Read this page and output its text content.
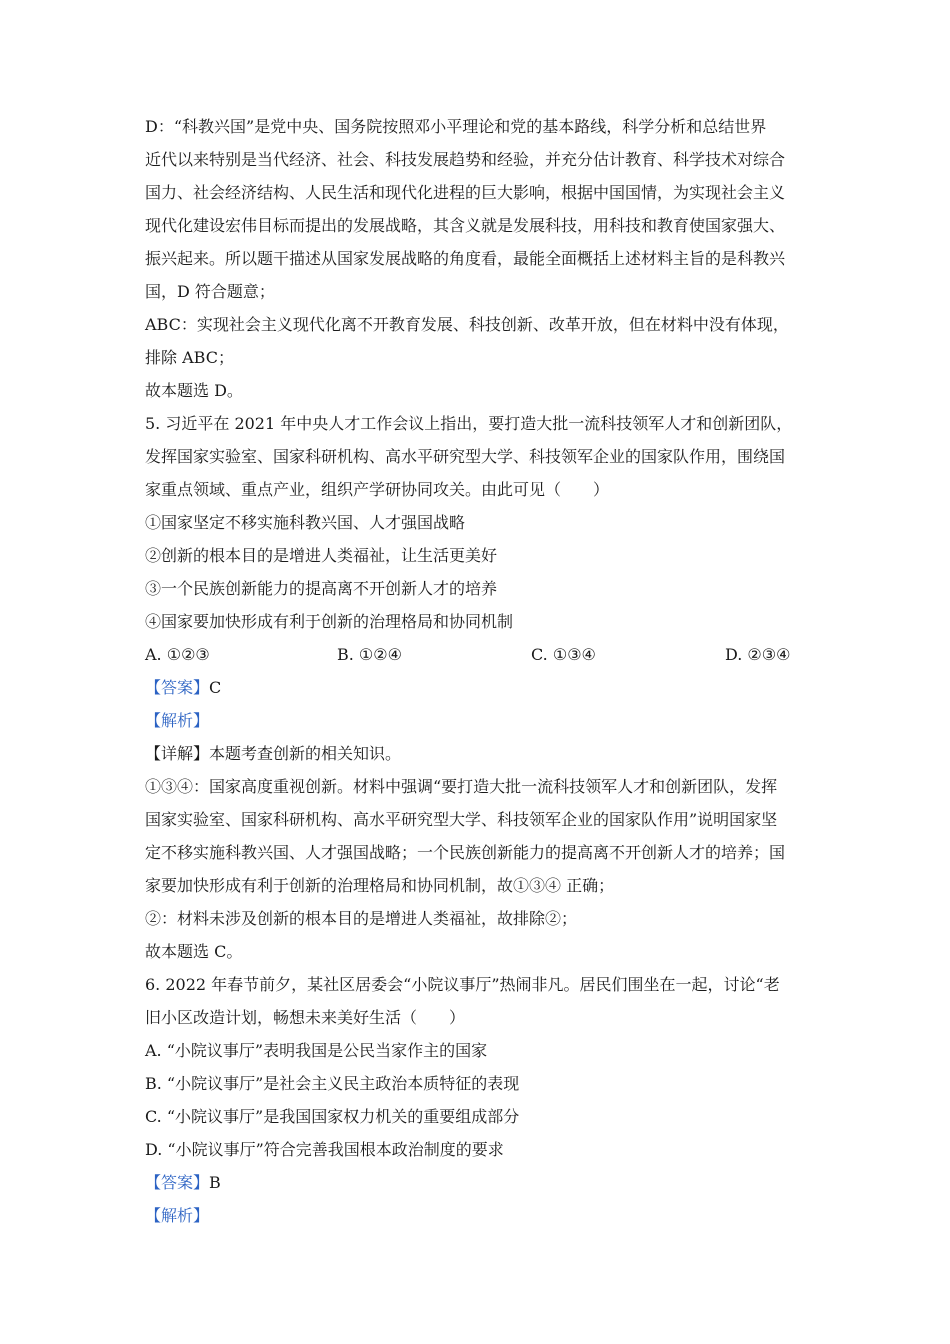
D：“科教兴国”是党中央、国务院按照邓小平理论和党的基本路线，科学分析和总结世界
近代以来特别是当代经济、社会、科技发展趋势和经验，并充分估计教育、科学技术对综合
国力、社会经济结构、人民生活和现代化进程的巨大影响，根据中国国情，为实现社会主义
现代化建设宏伟目标而提出的发展战略，其含义就是发展科技，用科技和教育使国家强大、
振兴起来。所以题干描述从国家发展战略的角度看，最能全面概括上述材料主旨的是科教兴
国，D 符合题意；
ABC：实现社会主义现代化离不开教育发展、科技创新、改革开放，但在材料中没有体现，
排除 ABC；
故本题选 D。
5. 习近平在 2021 年中央人才工作会议上指出，要打造大批一流科技领军人才和创新团队，
发挥国家实验室、国家科研机构、高水平研究型大学、科技领军企业的国家队作用，围绕国
家重点领域、重点产业，组织产学研协同攻关。由此可见（　　）
①国家坚定不移实施科教兴国、人才强国战略
②创新的根本目的是增进人类福祉，让生活更美好
③一个民族创新能力的提高离不开创新人才的培养
④国家要加快形成有利于创新的治理格局和协同机制
A. ①②③	B. ①②④	C. ①③④	D. ②③④
【答案】C
【解析】
【详解】本题考查创新的相关知识。
①③④：国家高度重视创新。材料中强调“要打造大批一流科技领军人才和创新团队，发挥
国家实验室、国家科研机构、高水平研究型大学、科技领军企业的国家队作用”说明国家坚
定不移实施科教兴国、人才强国战略；一个民族创新能力的提高离不开创新人才的培养；国
家要加快形成有利于创新的治理格局和协同机制，故①③④ 正确；
②：材料未涉及创新的根本目的是增进人类福祉，故排除②；
故本题选 C。
6. 2022 年春节前夕，某社区居委会“小院议事厅”热闹非凡。居民们围坐在一起，讨论“老
旧小区改造计划，畅想未来美好生活（　　）
A. “小院议事厅”表明我国是公民当家作主的国家
B. “小院议事厅”是社会主义民主政治本质特征的表现
C. “小院议事厅”是我国国家权力机关的重要组成部分
D. “小院议事厅”符合完善我国根本政治制度的要求
【答案】B
【解析】
